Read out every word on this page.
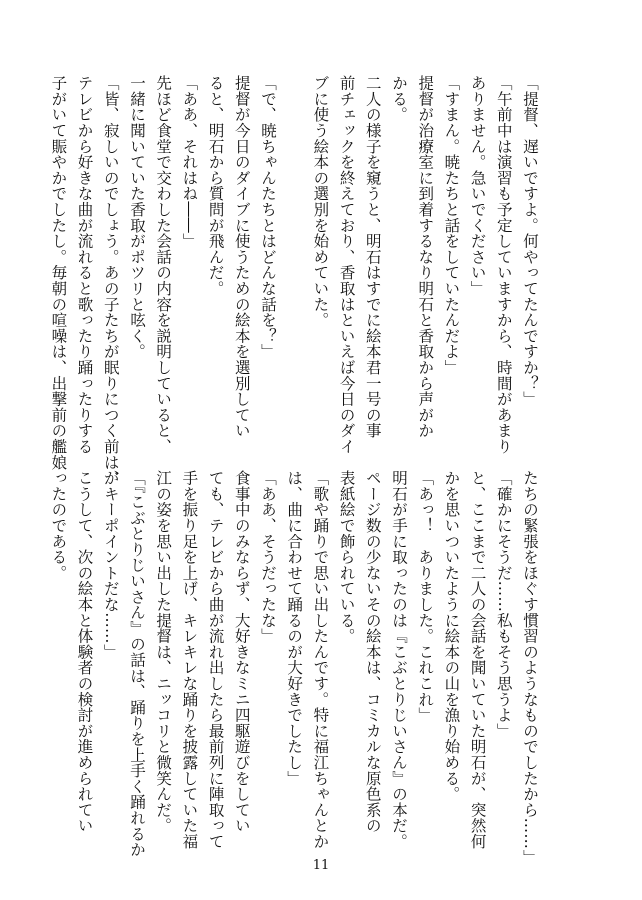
「提督、遅いですよ。何やってたんですか？」
「午前中は演習も予定していますから、時間があまり
ありません。急いでください」
「すまん。暁たちと話をしていたんだよ」
提督が治療室に到着するなり明石と香取から声がか
かる。
二人の様子を窺うと、明石はすでに絵本君一号の事
前チェックを終えており、香取はといえば今日のダイ
ブに使う絵本の選別を始めていた。
「で、暁ちゃんたちとはどんな話を？」
提督が今日のダイブに使うための絵本を選別してい
ると、明石から質問が飛んだ。
「ああ、それはね――」
先ほど食堂で交わした会話の内容を説明していると、
一緒に聞いていた香取がポツリと呟く。
「皆、寂しいのでしょう。あの子たちが眠りにつく前は、
テレビから好きな曲が流れると歌ったり踊ったりする
子がいて賑やかでしたし。毎朝の喧噪は、出撃前の艦娘
たちの緊張をほぐす慣習のようなものでしたから……」
「確かにそうだ……私もそう思うよ」
と、ここまで二人の会話を聞いていた明石が、突然何
かを思いついたように絵本の山を漁り始める。
「あっ！　ありました。これこれ」
明石が手に取ったのは『こぶとりじいさん』の本だ。
ページ数の少ないその絵本は、コミカルな原色系の
表紙絵で飾られている。
「歌や踊りで思い出したんです。特に福江ちゃんとか
は、曲に合わせて踊るのが大好きでしたし」
「ああ、そうだったな」
食事中のみならず、大好きなミニ四駆遊びをしてい
ても、テレビから曲が流れ出したら最前列に陣取って
手を振り足を上げ、キレキレな踊りを披露していた福
江の姿を思い出した提督は、ニッコリと微笑んだ。
「『こぶとりじいさん』の話は、踊りを上手く踊れるか
がキーポイントだな……」
こうして、次の絵本と体験者の検討が進められてい
ったのである。
11
